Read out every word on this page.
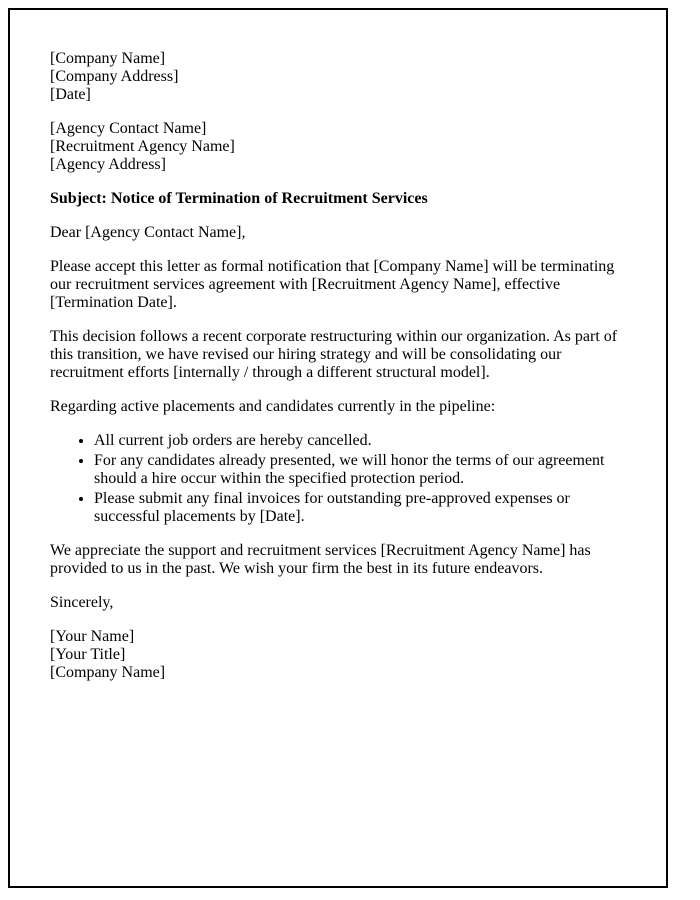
[Company Name]
[Company Address]
[Date]
[Agency Contact Name]
[Recruitment Agency Name]
[Agency Address]
Subject: Notice of Termination of Recruitment Services

Dear [Agency Contact Name],

Please accept this letter as formal notification that [Company Name] will be terminating our recruitment services agreement with [Recruitment Agency Name], effective [Termination Date].

This decision follows a recent corporate restructuring within our organization. As part of this transition, we have revised our hiring strategy and will be consolidating our recruitment efforts [internally / through a different structural model].

Regarding active placements and candidates currently in the pipeline:

• All current job orders are hereby cancelled.
• For any candidates already presented, we will honor the terms of our agreement should a hire occur within the specified protection period.
• Please submit any final invoices for outstanding pre-approved expenses or successful placements by [Date].

We appreciate the support and recruitment services [Recruitment Agency Name] has provided to us in the past. We wish your firm the best in its future endeavors.

Sincerely,

[Your Name]
[Your Title]
[Company Name]
